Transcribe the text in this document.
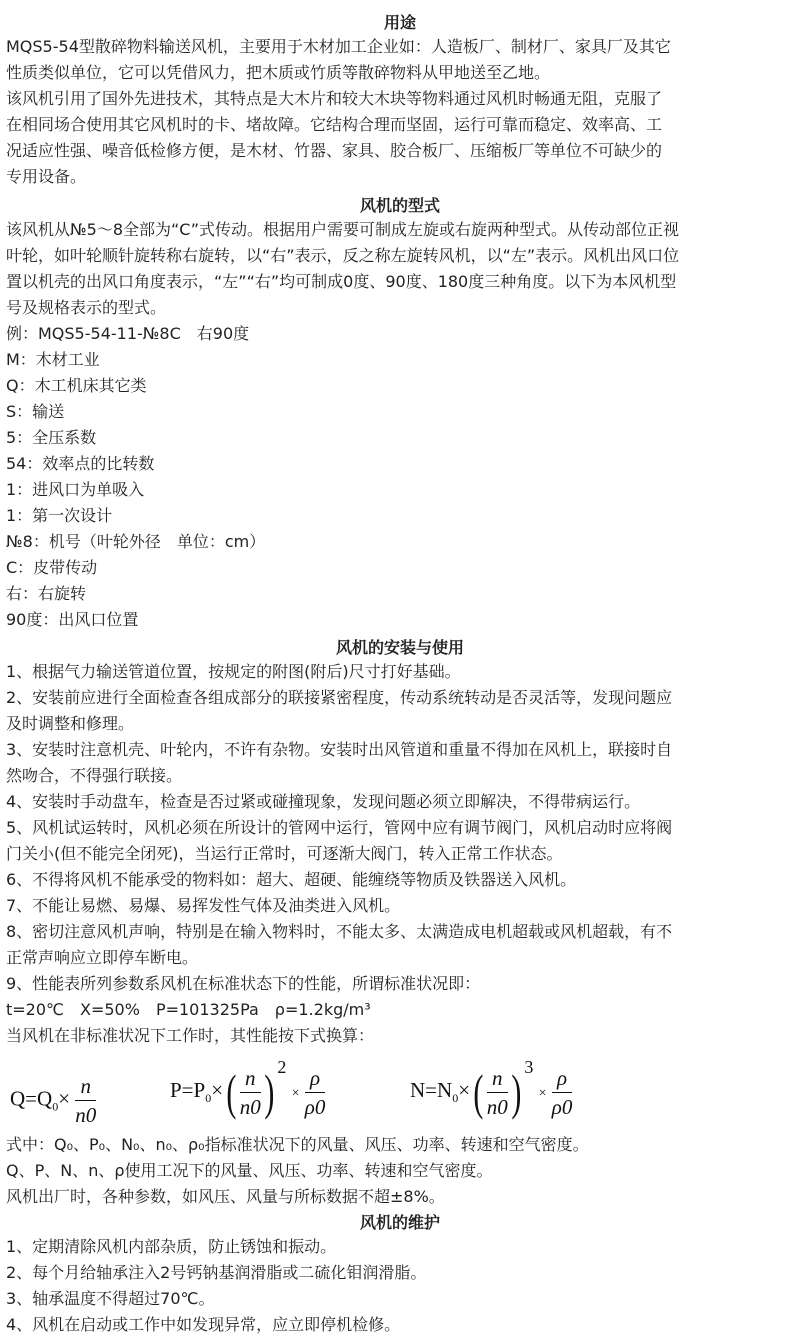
用途
MQS5-54型散碎物料输送风机，主要用于木材加工企业如：人造板厂、制材厂、家具厂及其它
性质类似单位，它可以凭借风力，把木质或竹质等散碎物料从甲地送至乙地。
该风机引用了国外先进技术，其特点是大木片和较大木块等物料通过风机时畅通无阻，克服了
在相同场合使用其它风机时的卡、堵故障。它结构合理而坚固，运行可靠而稳定、效率高、工
况适应性强、噪音低检修方便，是木材、竹器、家具、胶合板厂、压缩板厂等单位不可缺少的
专用设备。
风机的型式
该风机从№5～8全部为“C”式传动。根据用户需要可制成左旋或右旋两种型式。从传动部位正视
叶轮，如叶轮顺针旋转称右旋转，以“右”表示，反之称左旋转风机，以“左”表示。风机出风口位
置以机壳的出风口角度表示，“左”“右”均可制成0度、90度、180度三种角度。以下为本风机型
号及规格表示的型式。
例：MQS5-54-11-№8C　右90度
M：木材工业
Q：木工机床其它类
S：输送
5：全压系数
54：效率点的比转数
1：进风口为单吸入
1：第一次设计
№8：机号（叶轮外径　单位：cm）
C：皮带传动
右：右旋转
90度：出风口位置
风机的安装与使用
1、根据气力输送管道位置，按规定的附图(附后)尺寸打好基础。
2、安装前应进行全面检查各组成部分的联接紧密程度，传动系统转动是否灵活等，发现问题应
及时调整和修理。
3、安装时注意机壳、叶轮内，不许有杂物。安装时出风管道和重量不得加在风机上，联接时自
然吻合，不得强行联接。
4、安装时手动盘车，检查是否过紧或碰撞现象，发现问题必须立即解决，不得带病运行。
5、风机试运转时，风机必须在所设计的管网中运行，管网中应有调节阀门，风机启动时应将阀
门关小(但不能完全闭死)，当运行正常时，可逐渐大阀门，转入正常工作状态。
6、不得将风机不能承受的物料如：超大、超硬、能缠绕等物质及铁器送入风机。
7、不能让易燃、易爆、易挥发性气体及油类进入风机。
8、密切注意风机声响，特别是在输入物料时，不能太多、太满造成电机超载或风机超载，有不
正常声响应立即停车断电。
9、性能表所列参数系风机在标准状态下的性能，所谓标准状况即：
t=20℃　X=50%　P=101325Pa　ρ=1.2kg/m³
当风机在非标准状况下工作时，其性能按下式换算：
$Q=Q_0\times \frac{n}{n0}$	$P=P_0\times( \frac{n}{n0}$ ) $2 \times \frac{\rho}{\rho 0}$	$N=N_0\times( \frac{n}{n0}$ ) $3 \times \frac{\rho}{\rho 0}$
式中：Q₀、P₀、N₀、n₀、ρ₀指标准状况下的风量、风压、功率、转速和空气密度。
Q、P、N、n、ρ使用工况下的风量、风压、功率、转速和空气密度。
风机出厂时，各种参数，如风压、风量与所标数据不超±8%。
风机的维护
1、定期清除风机内部杂质，防止锈蚀和振动。
2、每个月给轴承注入2号钙钠基润滑脂或二硫化钼润滑脂。
3、轴承温度不得超过70℃。
4、风机在启动或工作中如发现异常，应立即停机检修。
